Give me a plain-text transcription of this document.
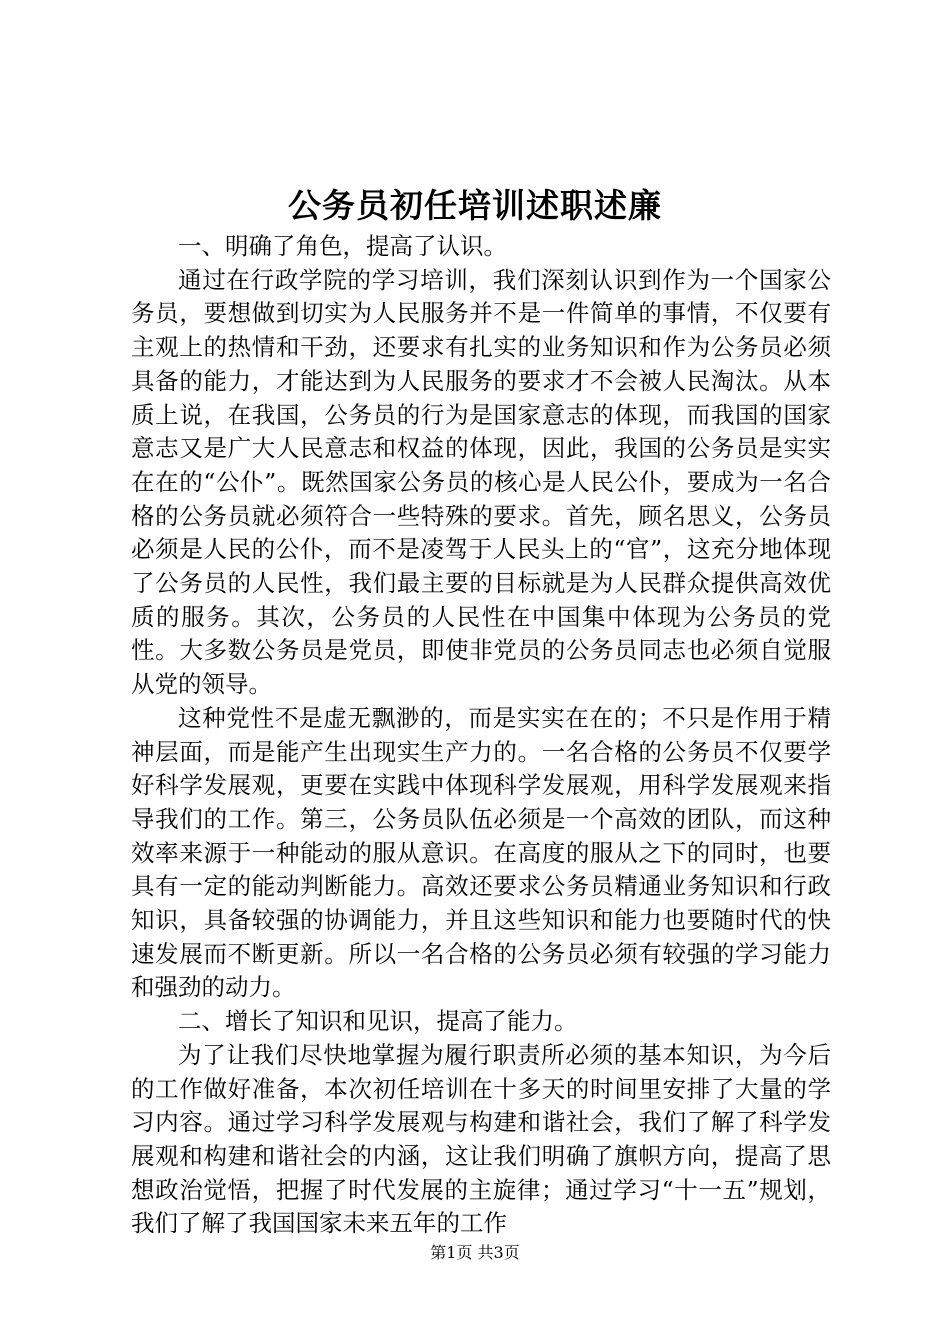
公务员初任培训述职述廉

一、明确了角色，提高了认识。

通过在行政学院的学习培训，我们深刻认识到作为一个国家公务员，要想做到切实为人民服务并不是一件简单的事情，不仅要有主观上的热情和干劲，还要求有扎实的业务知识和作为公务员必须具备的能力，才能达到为人民服务的要求才不会被人民淘汰。从本质上说，在我国，公务员的行为是国家意志的体现，而我国的国家意志又是广大人民意志和权益的体现，因此，我国的公务员是实实在在的“公仆”。既然国家公务员的核心是人民公仆，要成为一名合格的公务员就必须符合一些特殊的要求。首先，顾名思义，公务员必须是人民的公仆，而不是凌驾于人民头上的“官”，这充分地体现了公务员的人民性，我们最主要的目标就是为人民群众提供高效优质的服务。其次，公务员的人民性在中国集中体现为公务员的党性。大多数公务员是党员，即使非党员的公务员同志也必须自觉服从党的领导。

这种党性不是虚无飘渺的，而是实实在在的；不只是作用于精神层面，而是能产生出现实生产力的。一名合格的公务员不仅要学好科学发展观，更要在实践中体现科学发展观，用科学发展观来指导我们的工作。第三，公务员队伍必须是一个高效的团队，而这种效率来源于一种能动的服从意识。在高度的服从之下的同时，也要具有一定的能动判断能力。高效还要求公务员精通业务知识和行政知识，具备较强的协调能力，并且这些知识和能力也要随时代的快速发展而不断更新。所以一名合格的公务员必须有较强的学习能力和强劲的动力。

二、增长了知识和见识，提高了能力。

为了让我们尽快地掌握为履行职责所必须的基本知识，为今后的工作做好准备，本次初任培训在十多天的时间里安排了大量的学习内容。通过学习科学发展观与构建和谐社会，我们了解了科学发展观和构建和谐社会的内涵，这让我们明确了旗帜方向，提高了思想政治觉悟，把握了时代发展的主旋律；通过学习“十一五”规划，我们了解了我国国家未来五年的工作

第1页 共3页
